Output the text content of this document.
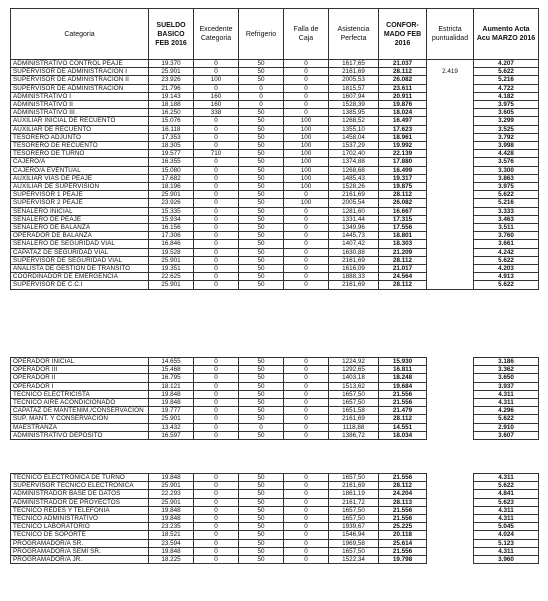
Categoria	SUELDO BASICO FEB 2016	Excedente Categoria	Refrigerio	Falla de Caja	Asistencia Perfecta	CONFOR-MADO FEB 2016	Estricta puntualidad	Aumento Acta Acu MARZO 2016
ADMINISTRATIVO CONTROL PEAJE	19.370	0	50	0	1617,65	21.037		4.207
SUPERVISOR DE ADMINISTRACION I	25.901	0	50	0	2161,69	28.112	2.419	5.622
SUPERVISOR DE ADMINISTRACION II	23.926	100	50	0	2005,53	26.082		5.216
SUPERVISOR DE ADMINISTRACION	21.796	0	0	0	1815,57	23.611		4.722
ADMINISTRATIVO I	19.143	160	0	0	1607,94	20.911		4.182
ADMINISTRATIVO II	18.188	160	0	0	1528,39	19.876		3.975
ADMINISTRATIVO III	16.250	338	50	0	1385,95	18.024		3.605
AUXILIAR INICIAL DE RECUENTO	15.076	0	50	100	1268,52	16.497		3.299
AUXILIAR DE RECUENTO	16.118	0	50	100	1355,10	17.623		3.525
TESORERO ADJUNTO	17.353	0	50	100	1458,04	18.961		3.792
TESORERO DE RECUENTO	18.305	0	50	100	1537,29	19.992		3.998
TESORERO DE TURNO	19.577	710	50	100	1702,40	22.139		4.428
CAJERO/A	16.355	0	50	100	1374,88	17.880		3.576
CAJERO/A EVENTUAL	15.080	0	50	100	1268,68	16.499		3.300
AUXILIAR VIAS DE PEAJE	17.682	0	50	100	1485,43	19.317		3.863
AUXILIAR DE SUPERVISION	18.196	0	50	100	1528,26	19.875		3.975
SUPERVISOR 1 PEAJE	25.901	0	50	0	2161,69	28.112		5.622
SUPERVISOR 2 PEAJE	23.926	0	50	100	2005,54	26.082		5.216
SEÑALERO INICIAL	15.335	0	50	0	1281,60	16.667		3.333
SEÑALERO DE PEAJE	15.934	0	50	0	1331,44	17.315		3.463
SEÑALERO DE BALANZA	16.156	0	50	0	1349,96	17.556		3.511
OPERADOR DE BALANZA	17.306	0	50	0	1445,73	18.801		3.760
SEÑALERO DE SEGURIDAD VIAL	16.846	0	50	0	1407,42	18.303		3.661
CAPATAZ DE SEGURIDAD VIAL	19.528	0	50	0	1630,88	21.209		4.242
SUPERVISOR DE SEGURIDAD VIAL	25.901	0	50	0	2161,69	28.112		5.622
ANALISTA DE GESTION DE TRANSITO	19.351	0	50	0	1616,09	21.017		4.203
COORDINADOR DE EMERGENCIA	22.625	0	50	0	1888,33	24.564		4.913
SUPERVISOR DE C.C.I	25.901	0	50	0	2161,69	28.112		5.622
OPERADOR INICIAL	14.655	0	50	0	1224,92	15.930		3.186
OPERADOR III	15.468	0	50	0	1292,65	16.811		3.362
OPERADOR II	16.795	0	50	0	1403,18	18.248		3.650
OPERADOR I	18.121	0	50	0	1513,62	19.684		3.937
TECNICO ELECTRICISTA	19.848	0	50	0	1657,50	21.556		4.311
TECNICO AIRE ACONDICIONADO	19.848	0	50	0	1657,50	21.556		4.311
CAPATAZ DE MANTENIM./CONSERVACION	19.777	0	50	0	1651,58	21.479		4.296
SUP. MANT. Y CONSERVACION	25.901	0	50	0	2161,69	28.112		5.622
MAESTRANZA	13.432	0	0	0	1118,88	14.551		2.910
ADMINISTRATIVO DEPOSITO	16.597	0	50	0	1386,72	18.034		3.607
TECNICO ELECTRONICA DE TURNO	19.848	0	50	0	1657,50	21.556		4.311
SUPERVISOR TECNICO ELECTRONICA	25.901	0	50	0	2161,69	28.112		5.622
ADMINISTRADOR BASE DE DATOS	22.293	0	50	0	1861,19	24.204		4.841
ADMINISTRADOR DE PROYECTOS	25.901	0	50	0	2161,72	28.113		5.623
TECNICO REDES Y TELEFONIA	19.848	0	50	0	1657,50	21.556		4.311
TECNICO ADMINISTRATIVO	19.848	0	50	0	1657,50	21.556		4.311
TECNICO LABORATORIO	23.235	0	50	0	1939,67	25.225		5.045
TECNICO DE SOPORTE	18.521	0	50	0	1546,94	20.118		4.024
PROGRAMADOR/A SR.	23.594	0	50	0	1969,58	25.614		5.123
PROGRAMADOR/A SEMI SR.	19.848	0	50	0	1657,50	21.556		4.311
PROGRAMADOR/A JR.	18.225	0	50	0	1522,34	19.798		3.960
